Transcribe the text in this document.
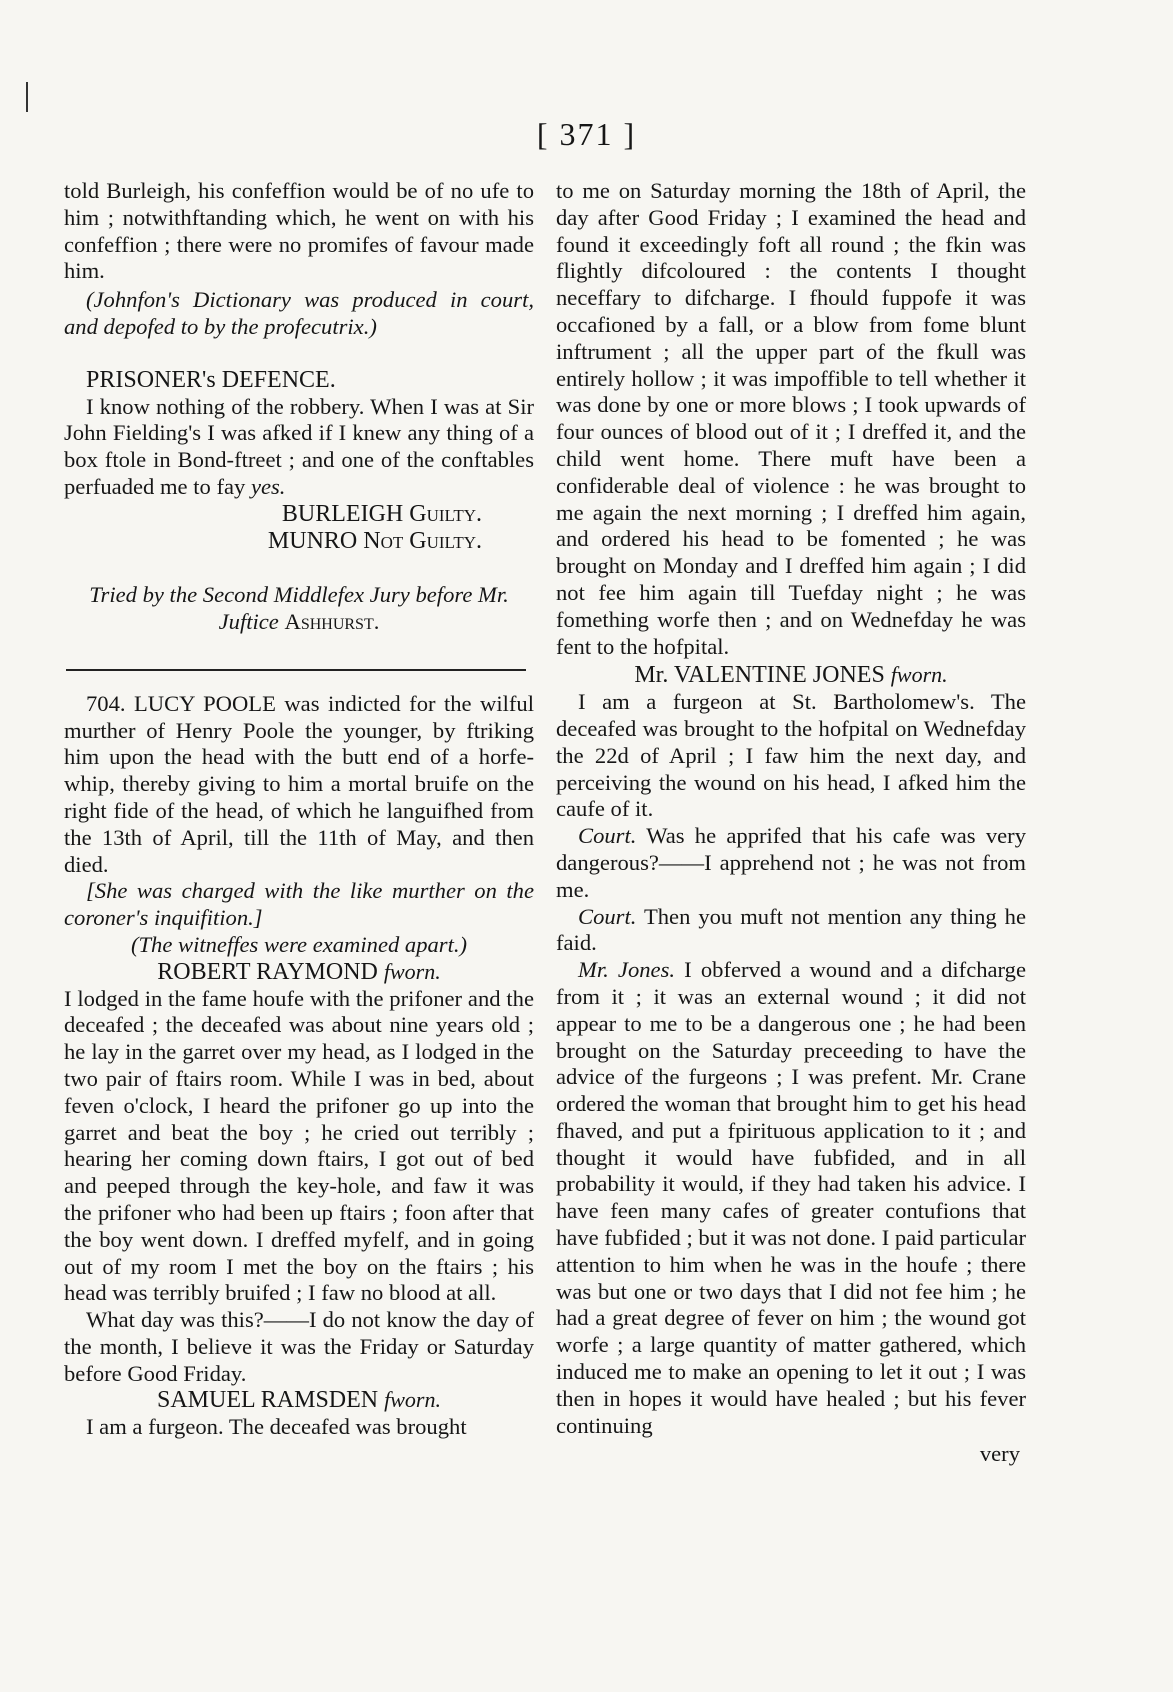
[ 371 ]

told Burleigh, his confeffion would be of no ufe to him ; notwithftanding which, he went on with his confeffion ; there were no promifes of favour made him.

(Johnfon's Dictionary was produced in court, and depofed to by the profecutrix.)

PRISONER's DEFENCE.

I know nothing of the robbery. When I was at Sir John Fielding's I was afked if I knew any thing of a box ftole in Bond-ftreet ; and one of the conftables perfuaded me to fay yes.

BURLEIGH Guilty.
MUNRO Not Guilty.
Tried by the Second Middlefex Jury before Mr. Juftice Ashhurst.

704. LUCY POOLE was indicted for the wilful murther of Henry Poole the younger, by ftriking him upon the head with the butt end of a horfe-whip, thereby giving to him a mortal bruife on the right fide of the head, of which he languifhed from the 13th of April, till the 11th of May, and then died.

[She was charged with the like murther on the coroner's inquifition.]

(The witneffes were examined apart.)
ROBERT RAYMOND fworn.

I lodged in the fame houfe with the prifoner and the deceafed ; the deceafed was about nine years old ; he lay in the garret over my head, as I lodged in the two pair of ftairs room. While I was in bed, about feven o'clock, I heard the prifoner go up into the garret and beat the boy ; he cried out terribly ; hearing her coming down ftairs, I got out of bed and peeped through the key-hole, and faw it was the prifoner who had been up ftairs ; foon after that the boy went down. I dreffed myfelf, and in going out of my room I met the boy on the ftairs ; his head was terribly bruifed ; I faw no blood at all.

What day was this?——I do not know the day of the month, I believe it was the Friday or Saturday before Good Friday.

SAMUEL RAMSDEN fworn.

I am a furgeon. The deceafed was brought

to me on Saturday morning the 18th of April, the day after Good Friday ; I examined the head and found it exceedingly foft all round ; the fkin was flightly difcoloured : the contents I thought neceffary to difcharge. I fhould fuppofe it was occafioned by a fall, or a blow from fome blunt inftrument ; all the upper part of the fkull was entirely hollow ; it was impoffible to tell whether it was done by one or more blows ; I took upwards of four ounces of blood out of it ; I dreffed it, and the child went home. There muft have been a confiderable deal of violence : he was brought to me again the next morning ; I dreffed him again, and ordered his head to be fomented ; he was brought on Monday and I dreffed him again ; I did not fee him again till Tuefday night ; he was fomething worfe then ; and on Wednefday he was fent to the hofpital.

Mr. VALENTINE JONES fworn.

I am a furgeon at St. Bartholomew's. The deceafed was brought to the hofpital on Wednefday the 22d of April ; I faw him the next day, and perceiving the wound on his head, I afked him the caufe of it.

Court. Was he apprifed that his cafe was very dangerous?——I apprehend not ; he was not from me.

Court. Then you muft not mention any thing he faid.

Mr. Jones. I obferved a wound and a difcharge from it ; it was an external wound ; it did not appear to me to be a dangerous one ; he had been brought on the Saturday preceeding to have the advice of the furgeons ; I was prefent. Mr. Crane ordered the woman that brought him to get his head fhaved, and put a fpirituous application to it ; and thought it would have fubfided, and in all probability it would, if they had taken his advice. I have feen many cafes of greater contufions that have fubfided ; but it was not done. I paid particular attention to him when he was in the houfe ; there was but one or two days that I did not fee him ; he had a great degree of fever on him ; the wound got worfe ; a large quantity of matter gathered, which induced me to make an opening to let it out ; I was then in hopes it would have healed ; but his fever continuing

very
